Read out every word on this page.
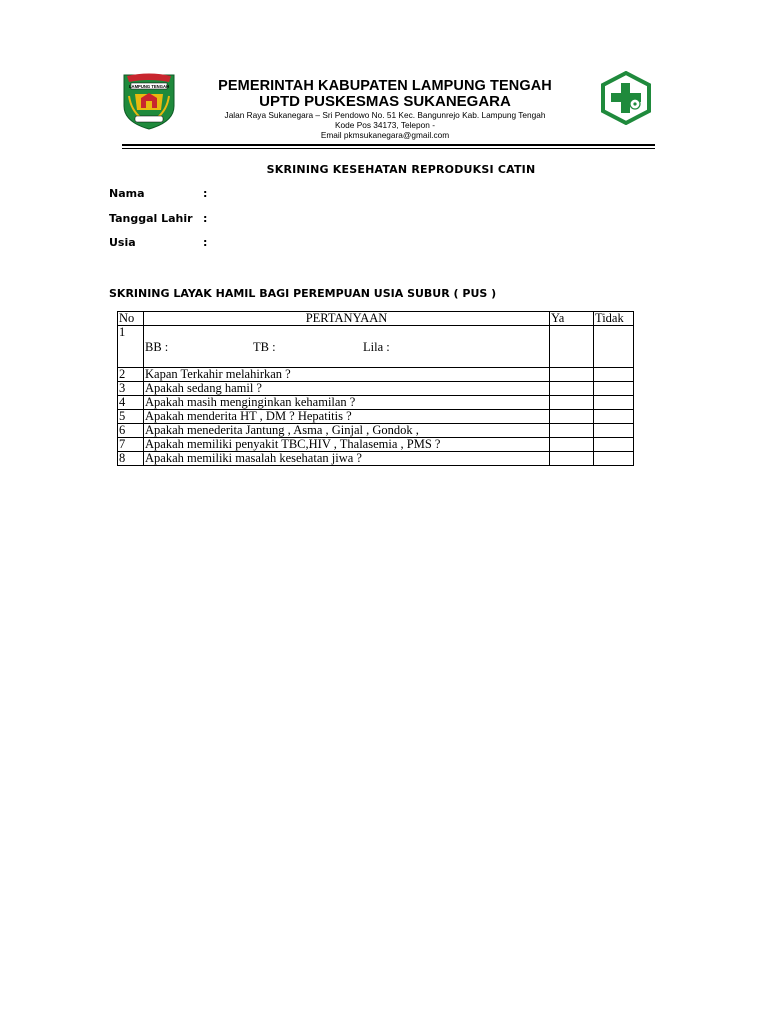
LAMPUNG TENGAH	PEMERINTAH KABUPATEN LAMPUNG TENGAH
UPTD PUSKESMAS SUKANEGARA
Jalan Raya Sukanegara – Sri Pendowo No. 51 Kec. Bangunrejo Kab. Lampung Tengah
Kode Pos 34173, Telepon -
Email pkmsukanegara@gmail.com
SKRINING KESEHATAN REPRODUKSI CATIN
Nama	:
Tanggal Lahir :
Usia	:
SKRINING LAYAK HAMIL BAGI PEREMPUAN USIA SUBUR ( PUS )
No	PERTANYAAN	Ya	Tidak
1	BB : TB : Lila :		

2	Kapan Terkahir melahirkan ?		
3	Apakah sedang hamil ?		
4	Apakah masih menginginkan kehamilan ?		
5	Apakah menderita HT , DM ? Hepatitis ?		
6	Apakah menederita Jantung , Asma , Ginjal , Gondok ,		
7	Apakah memiliki penyakit TBC,HIV , Thalasemia , PMS ?		
8	Apakah memiliki masalah kesehatan jiwa ?		
